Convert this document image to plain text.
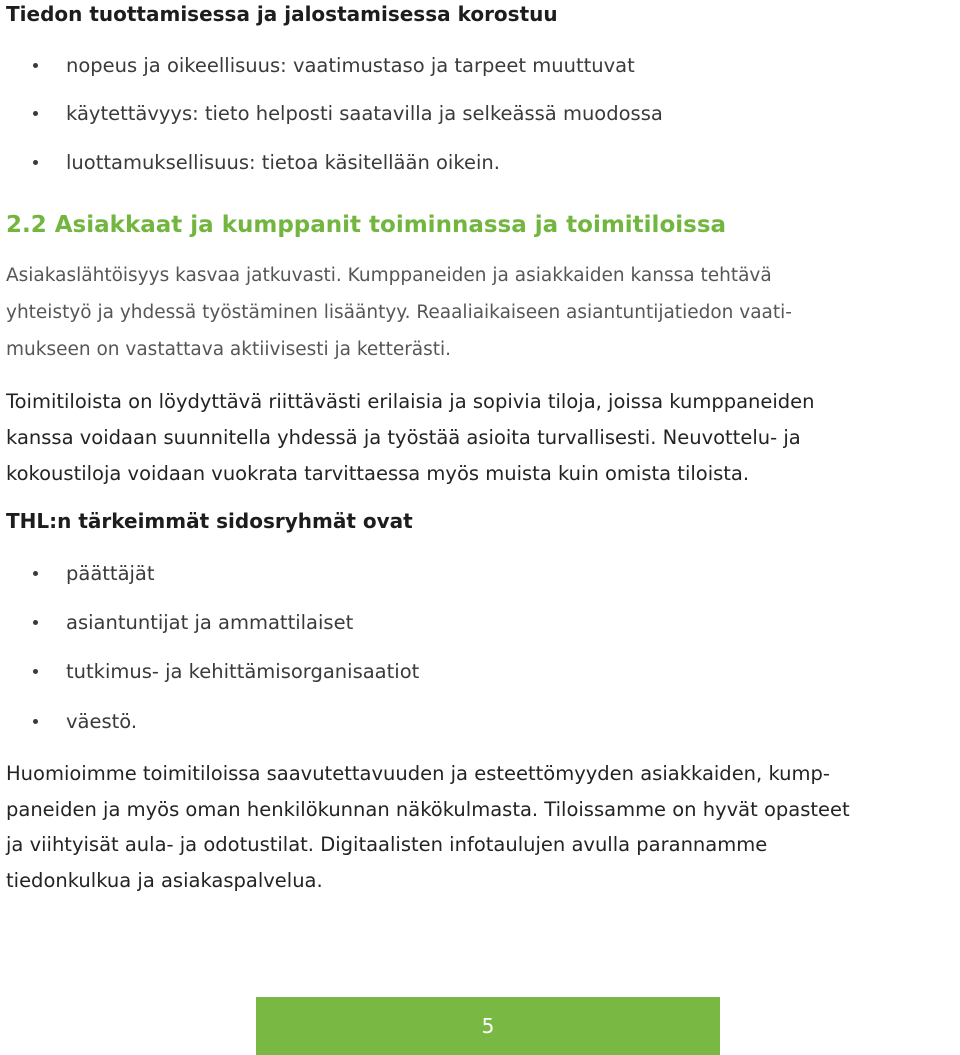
Tiedon tuottamisessa ja jalostamisessa korostuu
nopeus ja oikeellisuus: vaatimustaso ja tarpeet muuttuvat
käytettävyys: tieto helposti saatavilla ja selkeässä muodossa
luottamuksellisuus: tietoa käsitellään oikein.
2.2 Asiakkaat ja kumppanit toiminnassa ja toimitiloissa

Asiakaslähtöisyys kasvaa jatkuvasti. Kumppaneiden ja asiakkaiden kanssa tehtävä
yhteistyö ja yhdessä työstäminen lisääntyy. Reaaliaikaiseen asiantuntijatiedon vaati-
mukseen on vastattava aktiivisesti ja ketterästi.

Toimitiloista on löydyttävä riittävästi erilaisia ja sopivia tiloja, joissa kumppaneiden
kanssa voidaan suunnitella yhdessä ja työstää asioita turvallisesti. Neuvottelu- ja
kokoustiloja voidaan vuokrata tarvittaessa myös muista kuin omista tiloista.

THL:n tärkeimmät sidosryhmät ovat
päättäjät
asiantuntijat ja ammattilaiset
tutkimus- ja kehittämisorganisaatiot
väestö.

Huomioimme toimitiloissa saavutettavuuden ja esteettömyyden asiakkaiden, kump-
paneiden ja myös oman henkilökunnan näkökulmasta. Tiloissamme on hyvät opasteet
ja viihtyisät aula- ja odotustilat. Digitaalisten infotaulujen avulla parannamme
tiedonkulkua ja asiakaspalvelua.

5
